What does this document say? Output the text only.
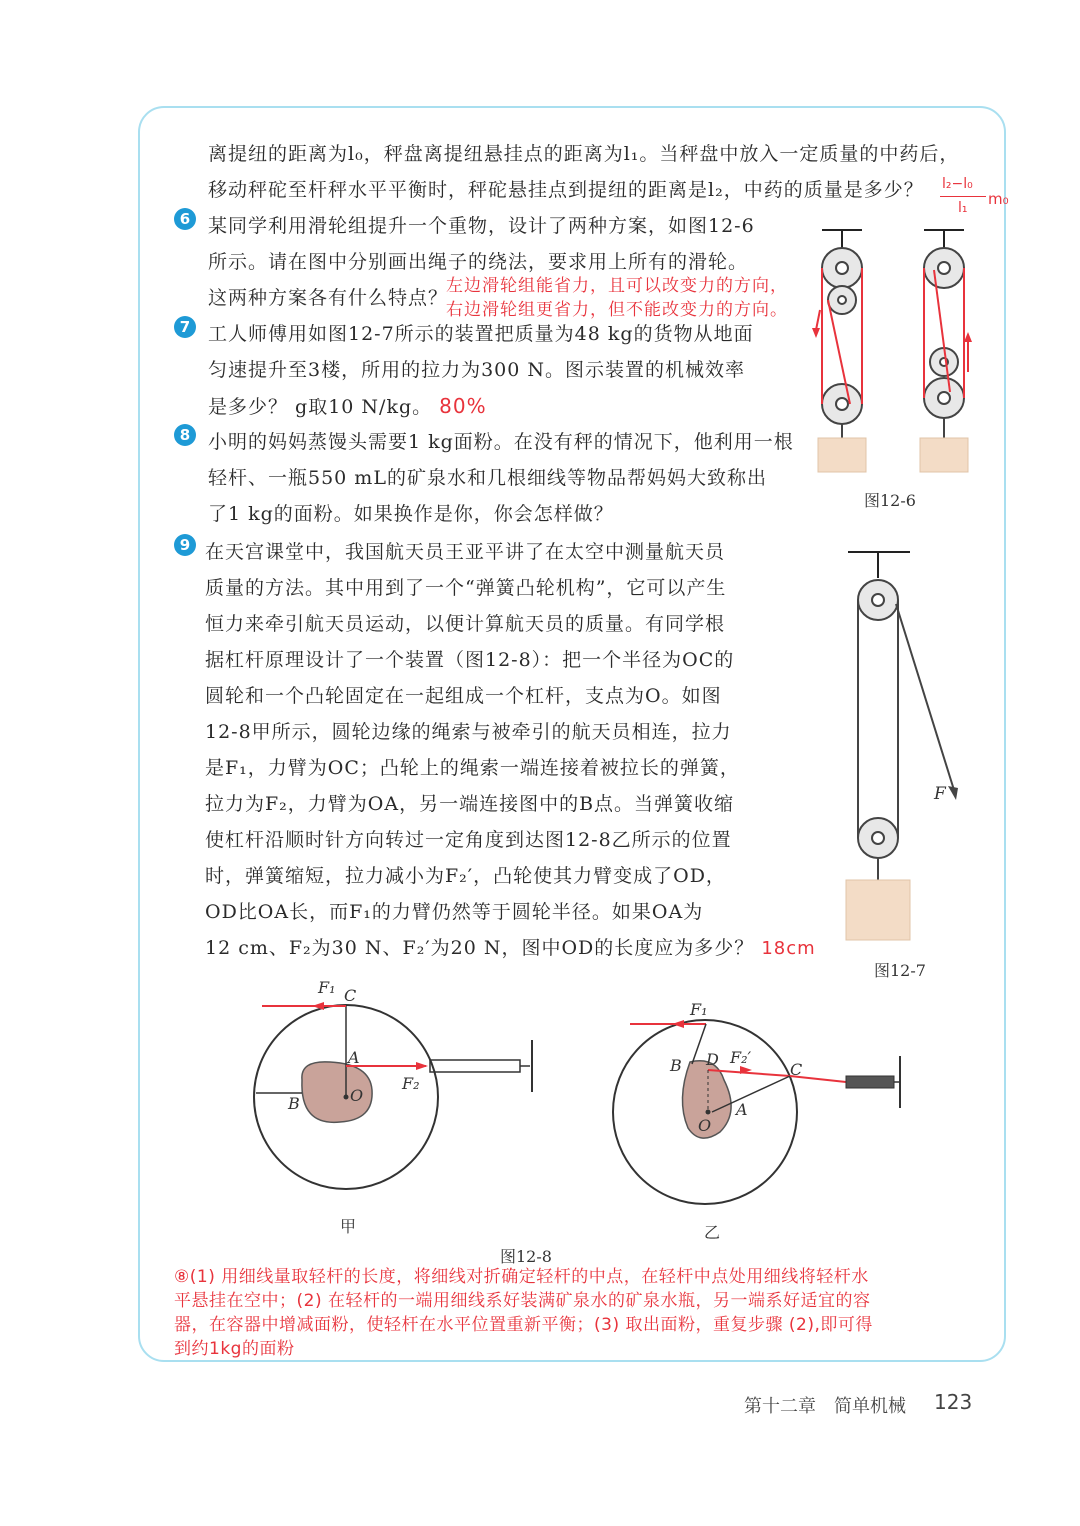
离提纽的距离为l₀，秤盘离提纽悬挂点的距离为l₁。当秤盘中放入一定质量的中药后，
移动秤砣至杆秤水平平衡时，秤砣悬挂点到提纽的距离是l₂，中药的质量是多少？ l₂−l₀
l₁ m₀
6 某同学利用滑轮组提升一个重物，设计了两种方案，如图12-6
所示。请在图中分别画出绳子的绕法，要求用上所有的滑轮。
这两种方案各有什么特点？
左边滑轮组能省力，且可以改变力的方向，
右边滑轮组更省力，但不能改变力的方向。
7 工人师傅用如图12-7所示的装置把质量为48 kg的货物从地面
匀速提升至3楼，所用的拉力为300 N。图示装置的机械效率
是多少？ g取10 N/kg。 80%
8 小明的妈妈蒸馒头需要1 kg面粉。在没有秤的情况下，他利用一根
轻杆、一瓶550 mL的矿泉水和几根细线等物品帮妈妈大致称出
了1 kg的面粉。如果换作是你，你会怎样做？
9 在天宫课堂中，我国航天员王亚平讲了在太空中测量航天员
质量的方法。其中用到了一个“弹簧凸轮机构”，它可以产生
恒力来牵引航天员运动，以便计算航天员的质量。有同学根
据杠杆原理设计了一个装置（图12-8）：把一个半径为OC的
圆轮和一个凸轮固定在一起组成一个杠杆，支点为O。如图
12-8甲所示，圆轮边缘的绳索与被牵引的航天员相连，拉力
是F₁，力臂为OC；凸轮上的绳索一端连接着被拉长的弹簧，
拉力为F₂，力臂为OA，另一端连接图中的B点。当弹簧收缩
使杠杆沿顺时针方向转过一定角度到达图12-8乙所示的位置
时，弹簧缩短，拉力减小为F₂′，凸轮使其力臂变成了OD，
OD比OA长，而F₁的力臂仍然等于圆轮半径。如果OA为
12 cm、F₂为30 N、F₂′为20 N，图中OD的长度应为多少？ 18cm
图12-6
F
图12-7
F₁ C
A
F₂
B	O
甲
F₁
B D F₂′
C
A
O
乙
图12-8
⑧(1) 用细线量取轻杆的长度，将细线对折确定轻杆的中点，在轻杆中点处用细线将轻杆水
平悬挂在空中；(2) 在轻杆的一端用细线系好装满矿泉水的矿泉水瓶，另一端系好适宜的容
器，在容器中增减面粉，使轻杆在水平位置重新平衡；(3) 取出面粉，重复步骤 (2),即可得
到约1kg的面粉
第十二章　简单机械 123
